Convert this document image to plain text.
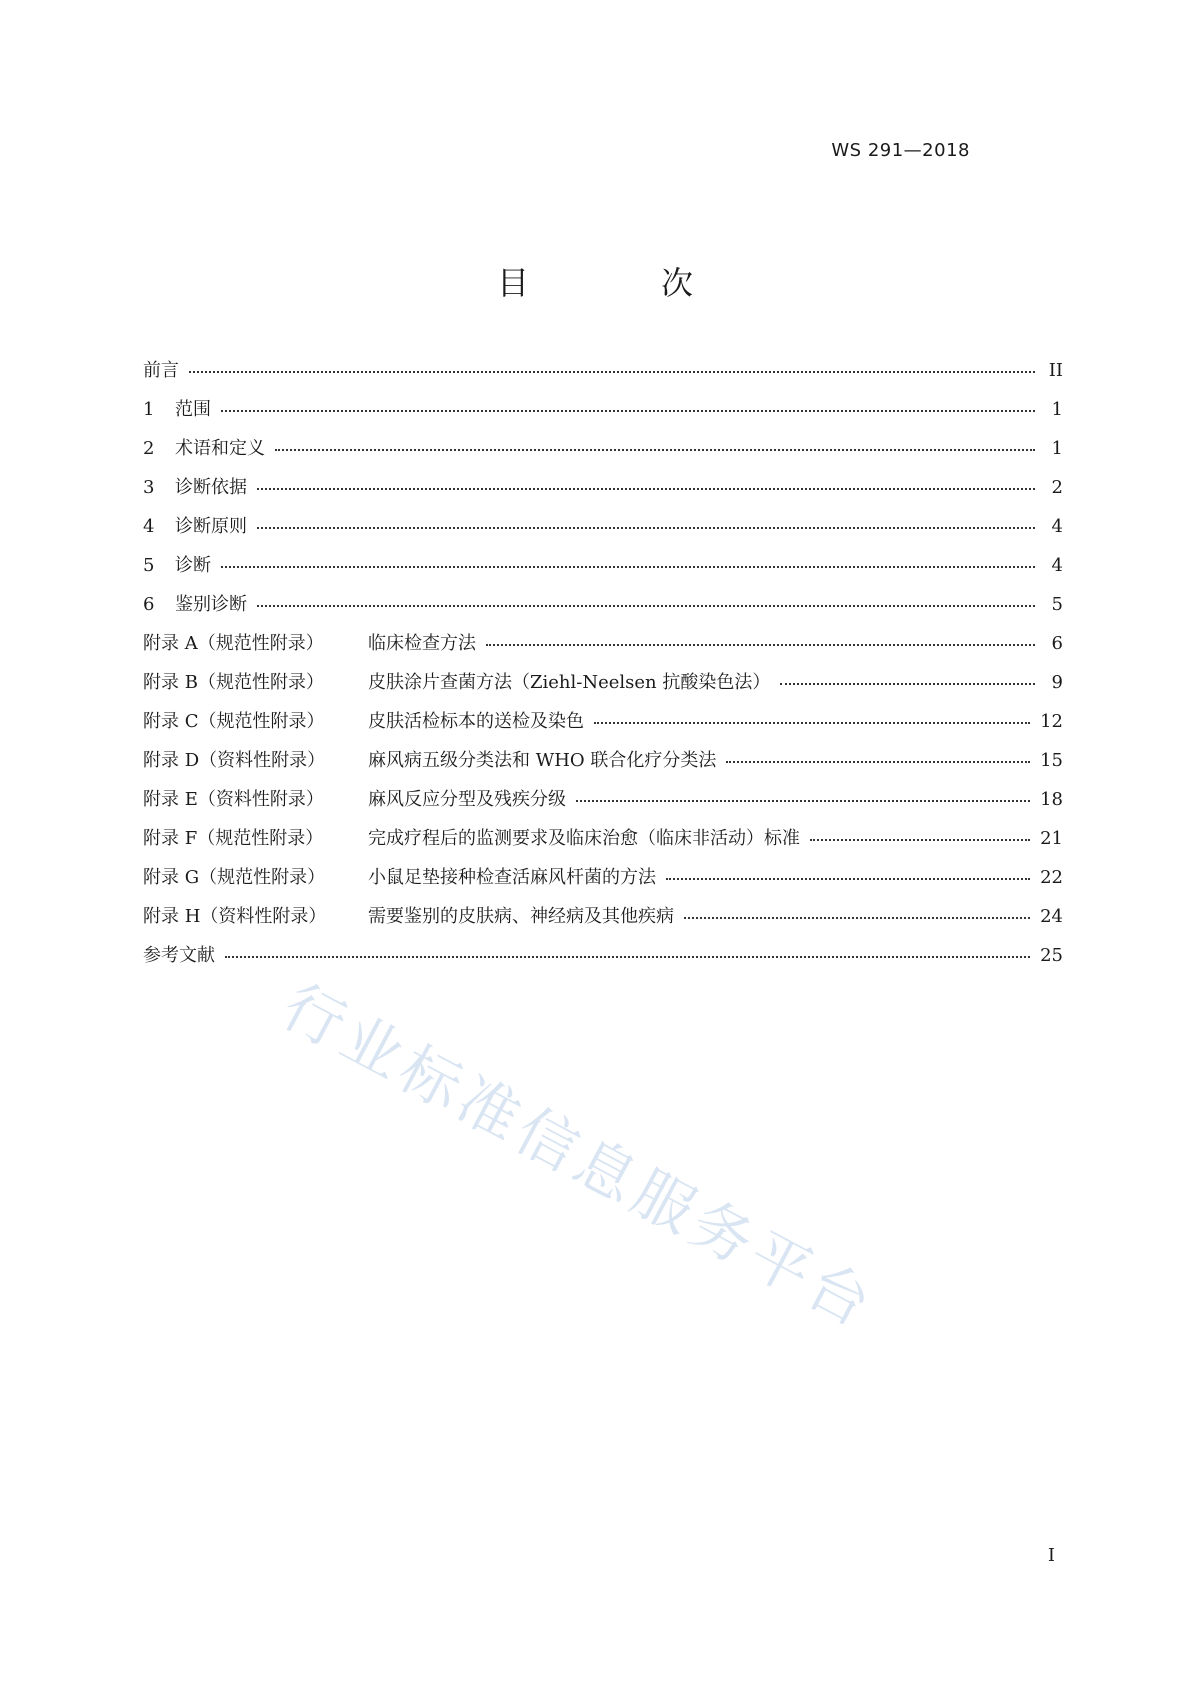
WS 291—2018
目　次
前言	II
1	范围	1
2	术语和定义	1
3	诊断依据	2
4	诊断原则	4
5	诊断	4
6	鉴别诊断	5
附录 A（规范性附录）	临床检查方法	6
附录 B（规范性附录）	皮肤涂片查菌方法（Ziehl-Neelsen 抗酸染色法）	9
附录 C（规范性附录）	皮肤活检标本的送检及染色	12
附录 D（资料性附录）	麻风病五级分类法和 WHO 联合化疗分类法	15
附录 E（资料性附录）	麻风反应分型及残疾分级	18
附录 F（规范性附录）	完成疗程后的监测要求及临床治愈（临床非活动）标准	21
附录 G（规范性附录）	小鼠足垫接种检查活麻风杆菌的方法	22
附录 H（资料性附录）	需要鉴别的皮肤病、神经病及其他疾病	24
参考文献	25
行业标准信息服务平台
I
